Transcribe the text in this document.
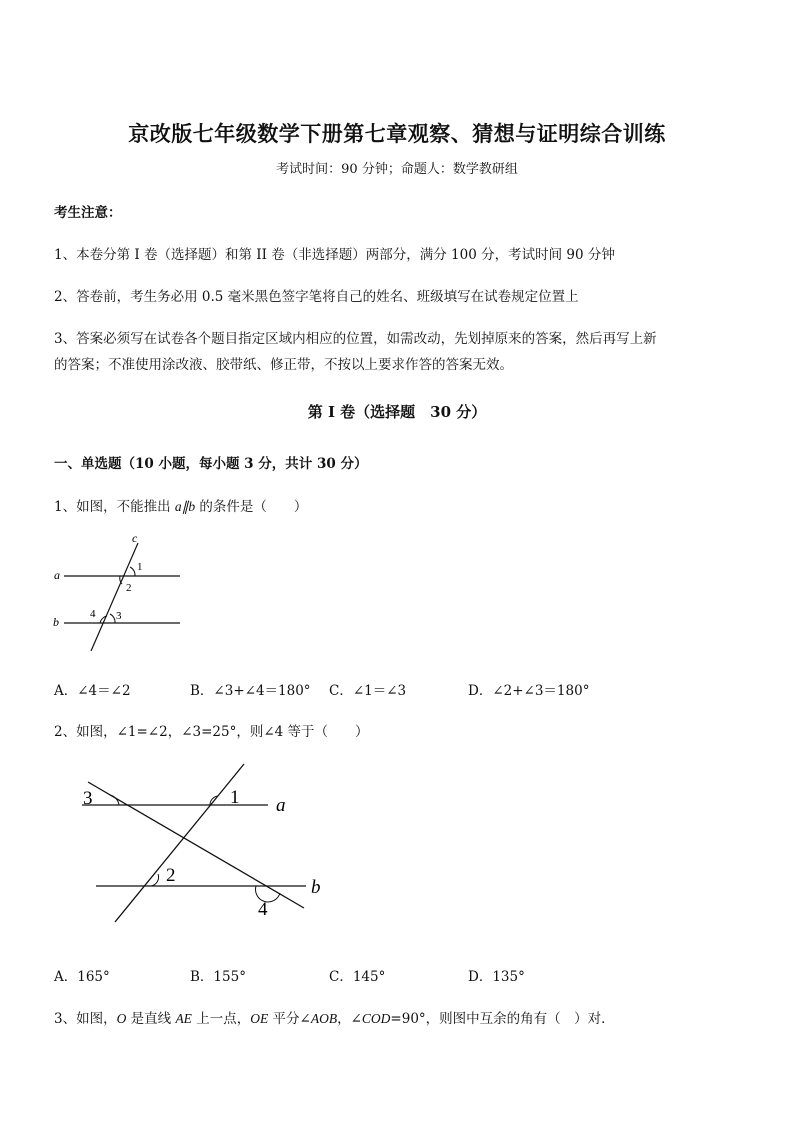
京改版七年级数学下册第七章观察、猜想与证明综合训练
考试时间：90 分钟；命题人：数学教研组
考生注意：
1、本卷分第 I 卷（选择题）和第 II 卷（非选择题）两部分，满分 100 分，考试时间 90 分钟
2、答卷前，考生务必用 0.5 毫米黑色签字笔将自己的姓名、班级填写在试卷规定位置上
3、答案必须写在试卷各个题目指定区域内相应的位置，如需改动，先划掉原来的答案，然后再写上新
的答案；不准使用涂改液、胶带纸、修正带，不按以上要求作答的答案无效。
第 I 卷（选择题　30 分）
一、单选题（10 小题，每小题 3 分，共计 30 分）
1、如图，不能推出 a∥b 的条件是（　　）
c
a
b
1
2
3
4
A．∠4＝∠2	B．∠3+∠4＝180° C．∠1＝∠3	D．∠2+∠3＝180°
2、如图，∠1=∠2，∠3=25°，则∠4 等于（　　）
3	1 a
2
4
b
A．165°	B．155°	C．145°	D．135°
3、如图，O 是直线 AE 上一点，OE 平分∠AOB，∠COD=90°，则图中互余的角有（　）对．
